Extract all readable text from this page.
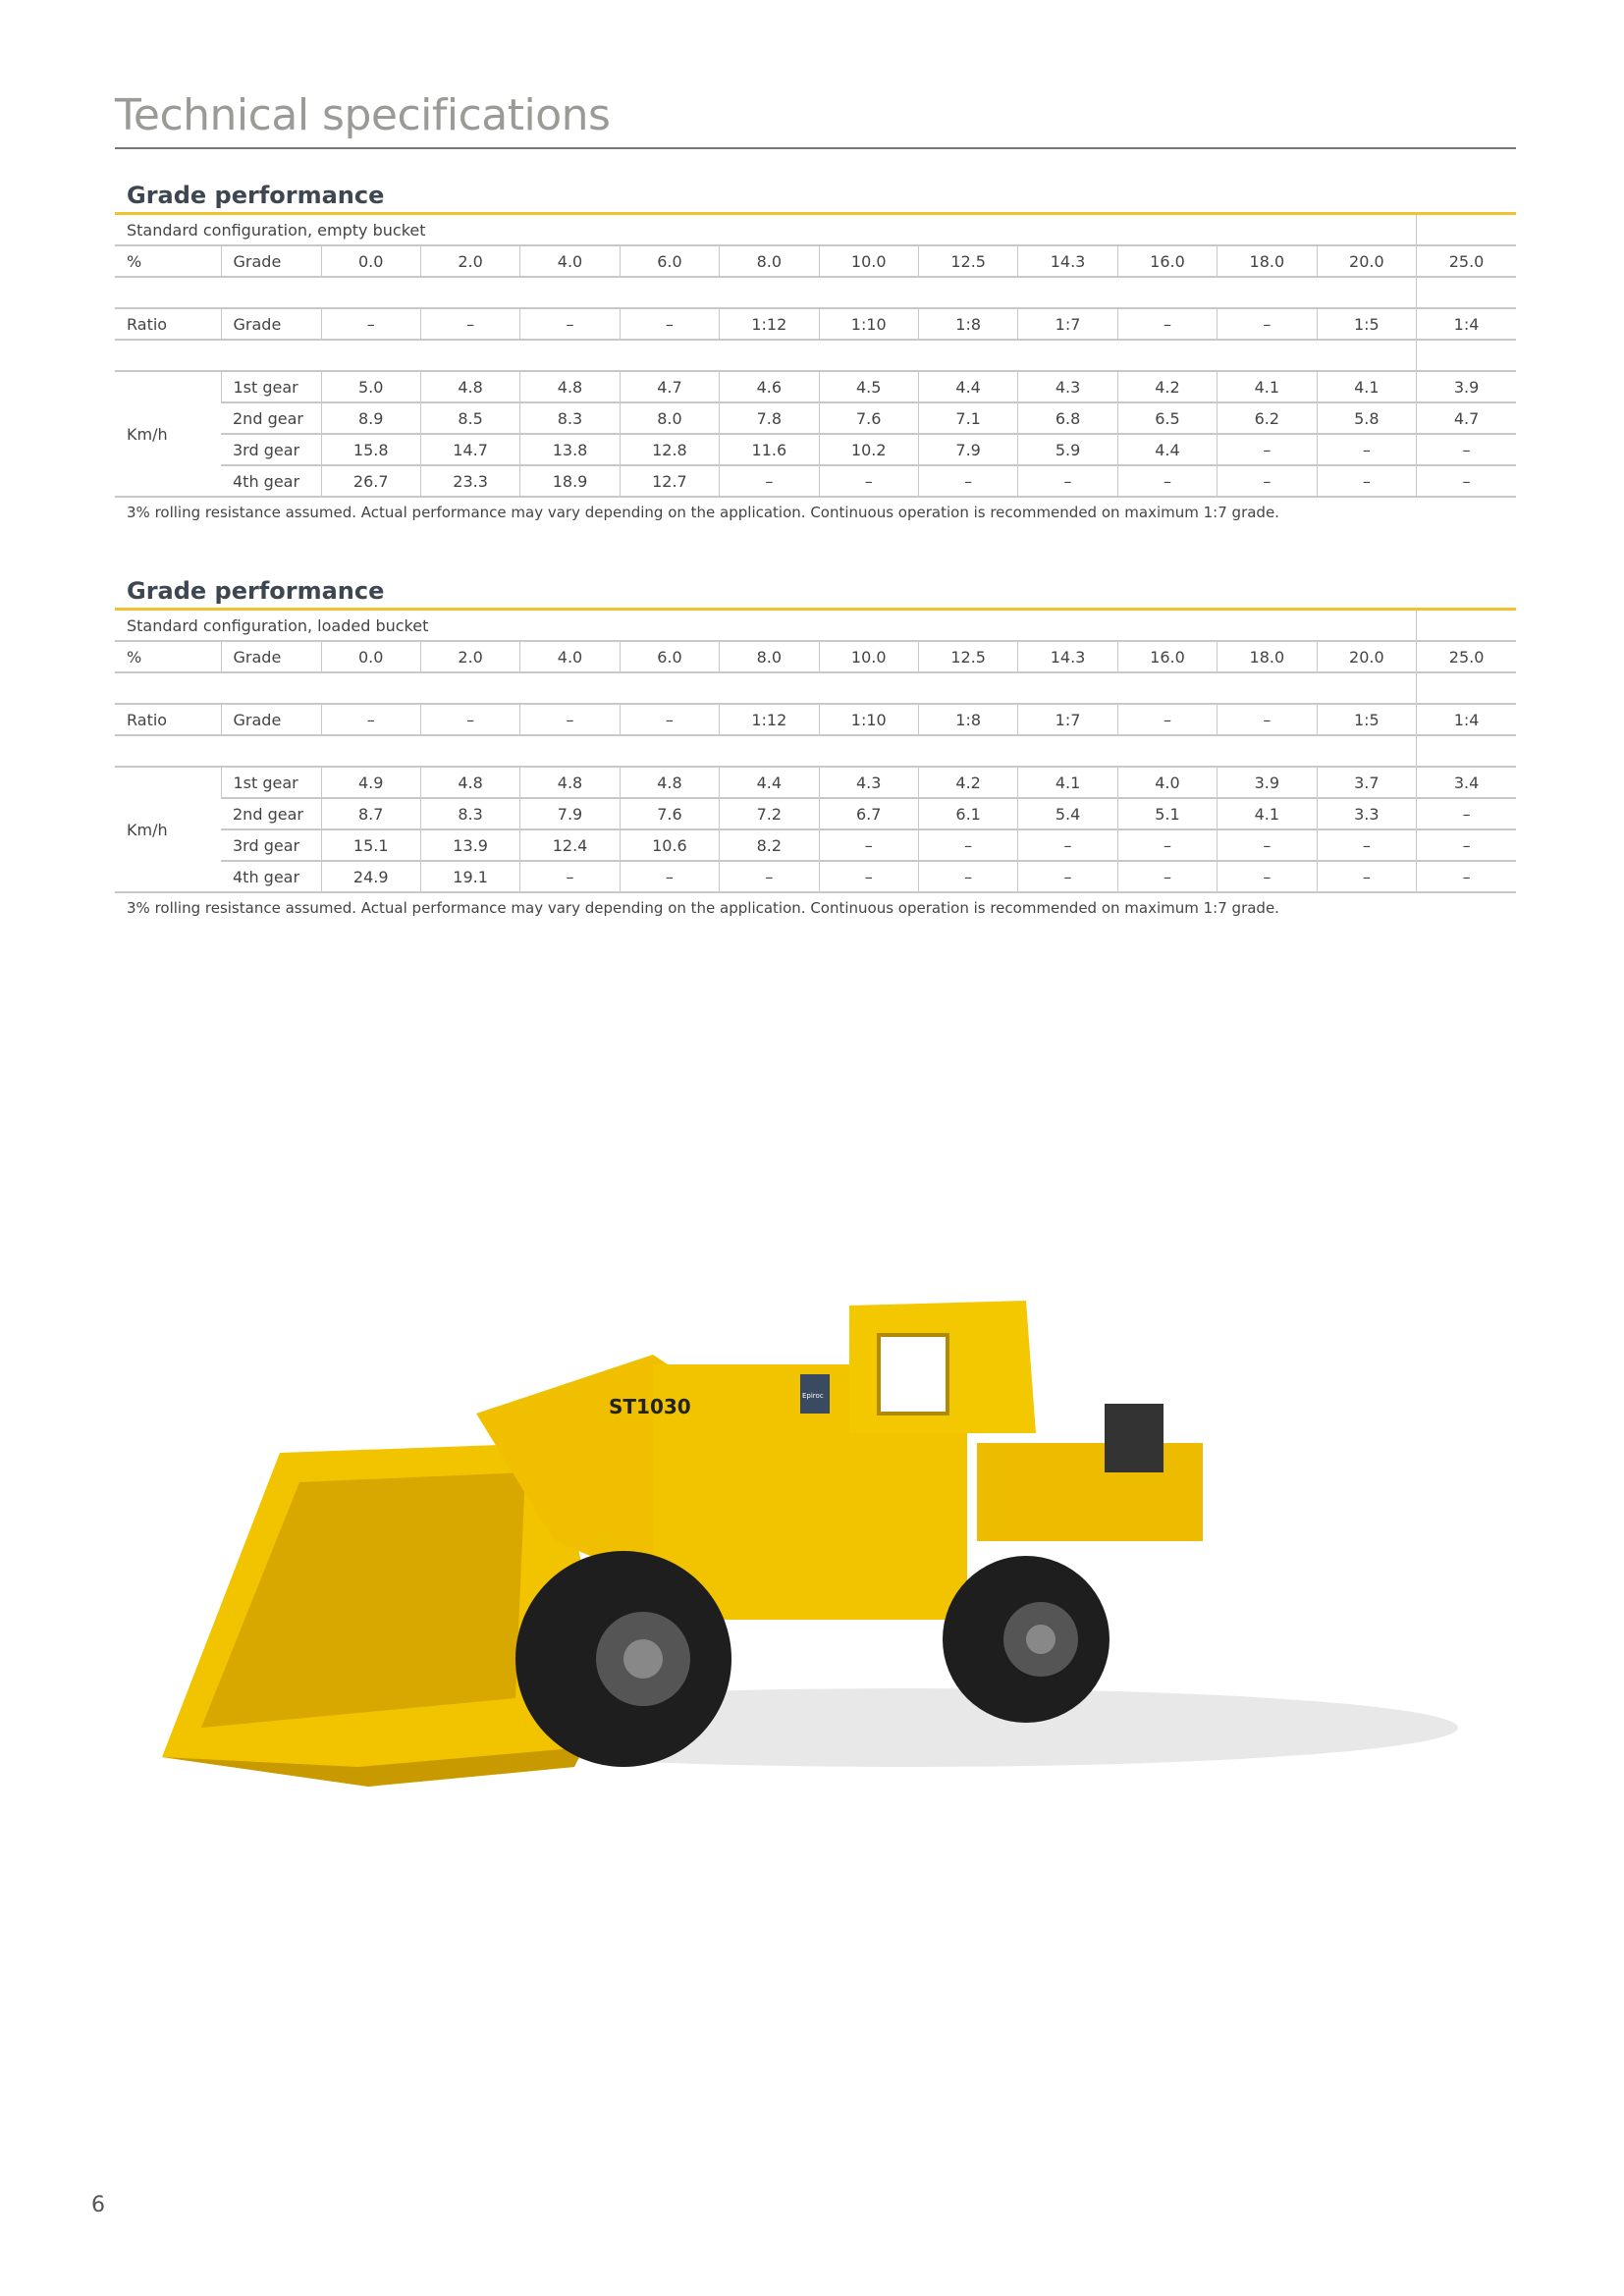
Technical specifications
Grade performance
Standard configuration, empty bucket													
%	Grade	0.0	2.0	4.0	6.0	8.0	10.0	12.5	14.3	16.0	18.0	20.0	25.0

Ratio	Grade	–	–	–	–	1:12	1:10	1:8	1:7	–	–	1:5	1:4

Km/h	1st gear	5.0	4.8	4.8	4.7	4.6	4.5	4.4	4.3	4.2	4.1	4.1	3.9
	2nd gear	8.9	8.5	8.3	8.0	7.8	7.6	7.1	6.8	6.5	6.2	5.8	4.7
	3rd gear	15.8	14.7	13.8	12.8	11.6	10.2	7.9	5.9	4.4	–	–	–
	4th gear	26.7	23.3	18.9	12.7	–	–	–	–	–	–	–	–
3% rolling resistance assumed. Actual performance may vary depending on the application. Continuous operation is recommended on maximum 1:7 grade.
Grade performance
Standard configuration, loaded bucket													
%	Grade	0.0	2.0	4.0	6.0	8.0	10.0	12.5	14.3	16.0	18.0	20.0	25.0

Ratio	Grade	–	–	–	–	1:12	1:10	1:8	1:7	–	–	1:5	1:4

Km/h	1st gear	4.9	4.8	4.8	4.8	4.4	4.3	4.2	4.1	4.0	3.9	3.7	3.4
	2nd gear	8.7	8.3	7.9	7.6	7.2	6.7	6.1	5.4	5.1	4.1	3.3	–
	3rd gear	15.1	13.9	12.4	10.6	8.2	–	–	–	–	–	–	–
	4th gear	24.9	19.1	–	–	–	–	–	–	–	–	–	–
3% rolling resistance assumed. Actual performance may vary depending on the application. Continuous operation is recommended on maximum 1:7 grade.
ST1030	Epiroc
6
